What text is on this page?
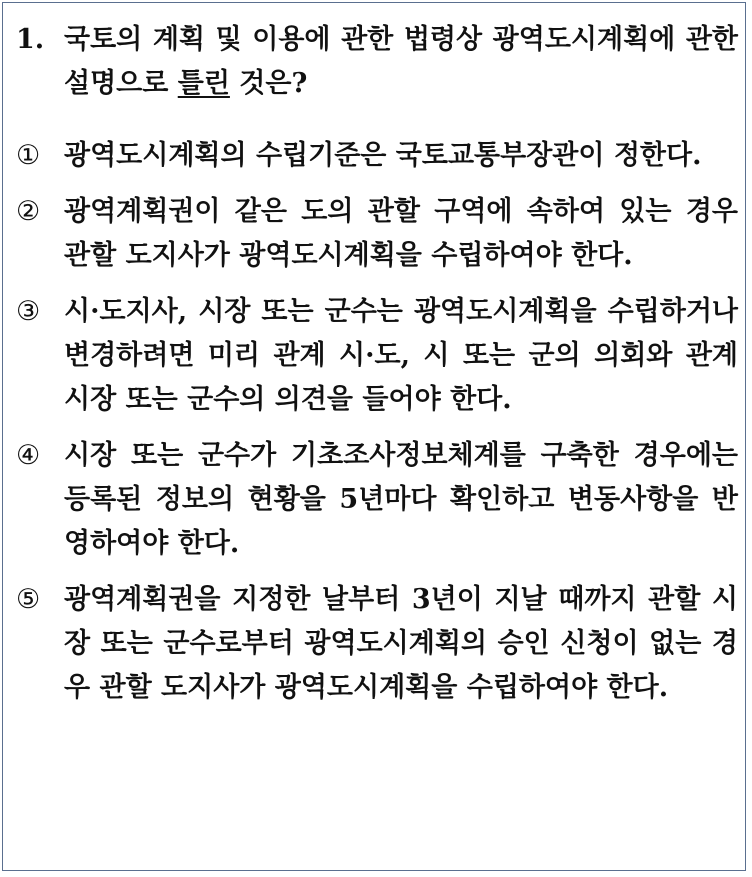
1. 국토의 계획 및 이용에 관한 법령상 광역도시계획에 관한 설명으로 틀린 것은?
① 광역도시계획의 수립기준은 국토교통부장관이 정한다.
② 광역계획권이 같은 도의 관할 구역에 속하여 있는 경우 관할 도지사가 광역도시계획을 수립하여야 한다.
③ 시·도지사, 시장 또는 군수는 광역도시계획을 수립하거나 변경하려면 미리 관계 시·도, 시 또는 군의 의회와 관계 시장 또는 군수의 의견을 들어야 한다.
④ 시장 또는 군수가 기초조사정보체계를 구축한 경우에는 등록된 정보의 현황을 5년마다 확인하고 변동사항을 반영하여야 한다.
⑤ 광역계획권을 지정한 날부터 3년이 지날 때까지 관할 시장 또는 군수로부터 광역도시계획의 승인 신청이 없는 경우 관할 도지사가 광역도시계획을 수립하여야 한다.
